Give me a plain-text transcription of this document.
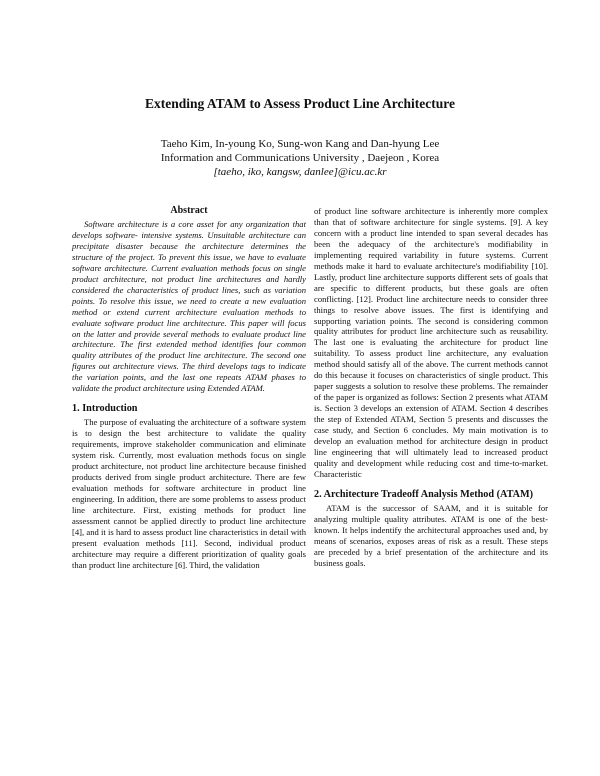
Extending ATAM to Assess Product Line Architecture

Taeho Kim, In-young Ko, Sung-won Kang and Dan-hyung Lee

Information and Communications University , Daejeon , Korea

[taeho, iko, kangsw, danlee]@icu.ac.kr

Abstract

Software architecture is a core asset for any organization that develops software- intensive systems. Unsuitable architecture can precipitate disaster because the architecture determines the structure of the project. To prevent this issue, we have to evaluate software architecture. Current evaluation methods focus on single product architecture, not product line architectures and hardly considered the characteristics of product lines, such as variation points. To resolve this issue, we need to create a new evaluation method or extend current architecture evaluation methods to evaluate software product line architecture. This paper will focus on the latter and provide several methods to evaluate product line architecture. The first extended method identifies four common quality attributes of the product line architecture. The second one figures out architecture views. The third develops tags to indicate the variation points, and the last one repeats ATAM phases to validate the product architecture using Extended ATAM.

1. Introduction

The purpose of evaluating the architecture of a software system is to design the best architecture to validate the quality requirements, improve stakeholder communication and eliminate system risk. Currently, most evaluation methods focus on single product architecture, not product line architecture because finished products derived from single product architecture. There are few evaluation methods for software architecture in product line engineering. In addition, there are some problems to assess product line architecture. First, existing methods for product line assessment cannot be applied directly to product line architecture [4], and it is hard to assess product line characteristics in detail with present evaluation methods [11]. Second, individual product architecture may require a different prioritization of quality goals than product line architecture [6]. Third, the validation

of product line software architecture is inherently more complex than that of software architecture for single systems. [9]. A key concern with a product line intended to span several decades has been the adequacy of the architecture's modifiability in implementing required variability in future systems. Current methods make it hard to evaluate architecture's modifiability [10]. Lastly, product line architecture supports different sets of goals that are specific to different products, but these goals are often conflicting. [12]. Product line architecture needs to consider three things to resolve above issues. The first is identifying and supporting variation points. The second is considering common quality attributes for product line architecture such as reusability. The last one is evaluating the architecture for product line suitability. To assess product line architecture, any evaluation method should satisfy all of the above. The current methods cannot do this because it focuses on characteristics of single product. This paper suggests a solution to resolve these problems. The remainder of the paper is organized as follows: Section 2 presents what ATAM is. Section 3 develops an extension of ATAM. Section 4 describes the step of Extended ATAM, Section 5 presents and discusses the case study, and Section 6 concludes. My main motivation is to develop an evaluation method for architecture design in product line engineering that will ultimately lead to increased product quality and development while reducing cost and time-to-market. Characteristic

2. Architecture Tradeoff Analysis Method (ATAM)

ATAM is the successor of SAAM, and it is suitable for analyzing multiple quality attributes. ATAM is one of the best-known. It helps indentify the architectural approaches used and, by means of scenarios, exposes areas of risk as a result. These steps are preceded by a brief presentation of the architecture and its business goals.
